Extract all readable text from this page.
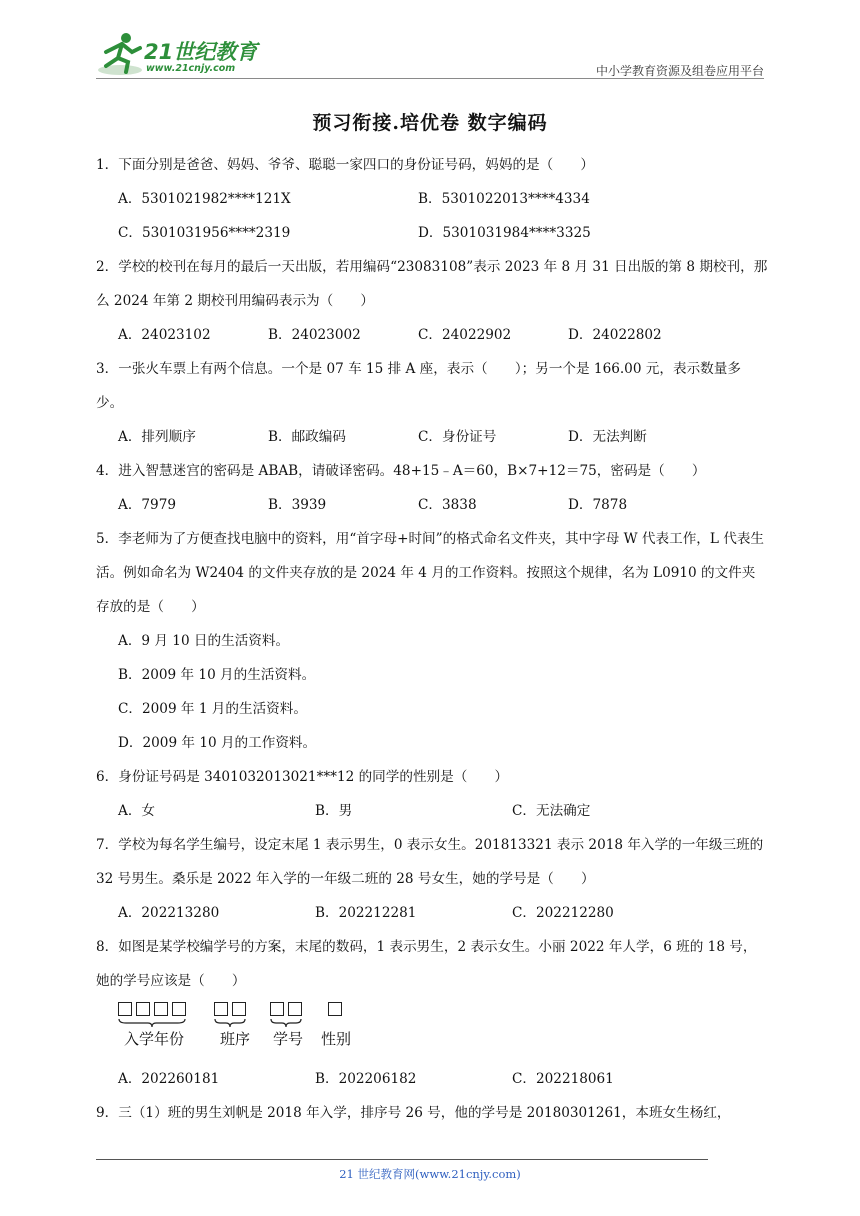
21世纪教育
www.21cnjy.com	中小学教育资源及组卷应用平台
预习衔接.培优卷 数字编码
1．下面分别是爸爸、妈妈、爷爷、聪聪一家四口的身份证号码，妈妈的是（　　）
A．5301021982****121X	B．5301022013****4334
C．5301031956****2319	D．5301031984****3325
2．学校的校刊在每月的最后一天出版，若用编码“23083108”表示 2023 年 8 月 31 日出版的第 8 期校刊，那么 2024 年第 2 期校刊用编码表示为（　　）
A．24023102	B．24023002	C．24022902	D．24022802
3．一张火车票上有两个信息。一个是 07 车 15 排 A 座，表示（　　）；另一个是 166.00 元，表示数量多少。
A．排列顺序	B．邮政编码	C．身份证号	D．无法判断
4．进入智慧迷宫的密码是 ABAB，请破译密码。48+15﹣A＝60，B×7+12＝75，密码是（　　）
A．7979	B．3939	C．3838	D．7878
5．李老师为了方便查找电脑中的资料，用“首字母+时间”的格式命名文件夹，其中字母 W 代表工作，L 代表生活。例如命名为 W2404 的文件夹存放的是 2024 年 4 月的工作资料。按照这个规律，名为 L0910 的文件夹存放的是（　　）
A．9 月 10 日的生活资料。
B．2009 年 10 月的生活资料。
C．2009 年 1 月的生活资料。
D．2009 年 10 月的工作资料。
6．身份证号码是 3401032013021***12 的同学的性别是（　　）
A．女	B．男	C．无法确定
7．学校为每名学生编号，设定末尾 1 表示男生，0 表示女生。201813321 表示 2018 年入学的一年级三班的 32 号男生。桑乐是 2022 年入学的一年级二班的 28 号女生，她的学号是（　　）
A．202213280	B．202212281	C．202212280
8．如图是某学校编学号的方案，末尾的数码，1 表示男生，2 表示女生。小丽 2022 年人学，6 班的 18 号，她的学号应该是（　　）
入学年份 班序 学号 性别
A．202260181	B．202206182	C．202218061
9．三（1）班的男生刘帆是 2018 年入学，排序号 26 号，他的学号是 20180301261，本班女生杨红，
21 世纪教育网(www.21cnjy.com)
